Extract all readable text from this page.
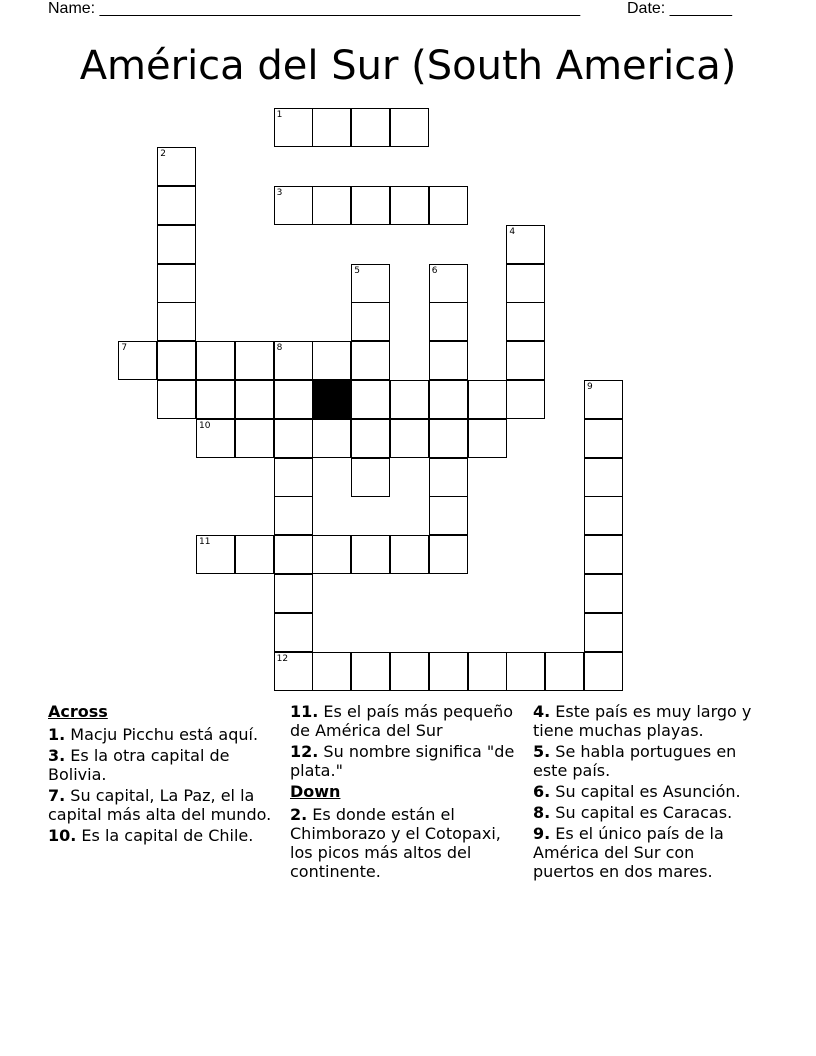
Name: ______________________________________________________	Date: _______
América del Sur (South America)
1
2
3
4
5	6
7	8
9
10
11
12
Across
1. Macju Picchu está aquí.
3. Es la otra capital de Bolivia.
7. Su capital, La Paz, el la capital más alta del mundo.
10. Es la capital de Chile.
11. Es el país más pequeño de América del Sur
12. Su nombre significa "de plata."
Down
2. Es donde están el Chimborazo y el Cotopaxi, los picos más altos del continente.
4. Este país es muy largo y tiene muchas playas.
5. Se habla portugues en este país.
6. Su capital es Asunción.
8. Su capital es Caracas.
9. Es el único país de la América del Sur con puertos en dos mares.
